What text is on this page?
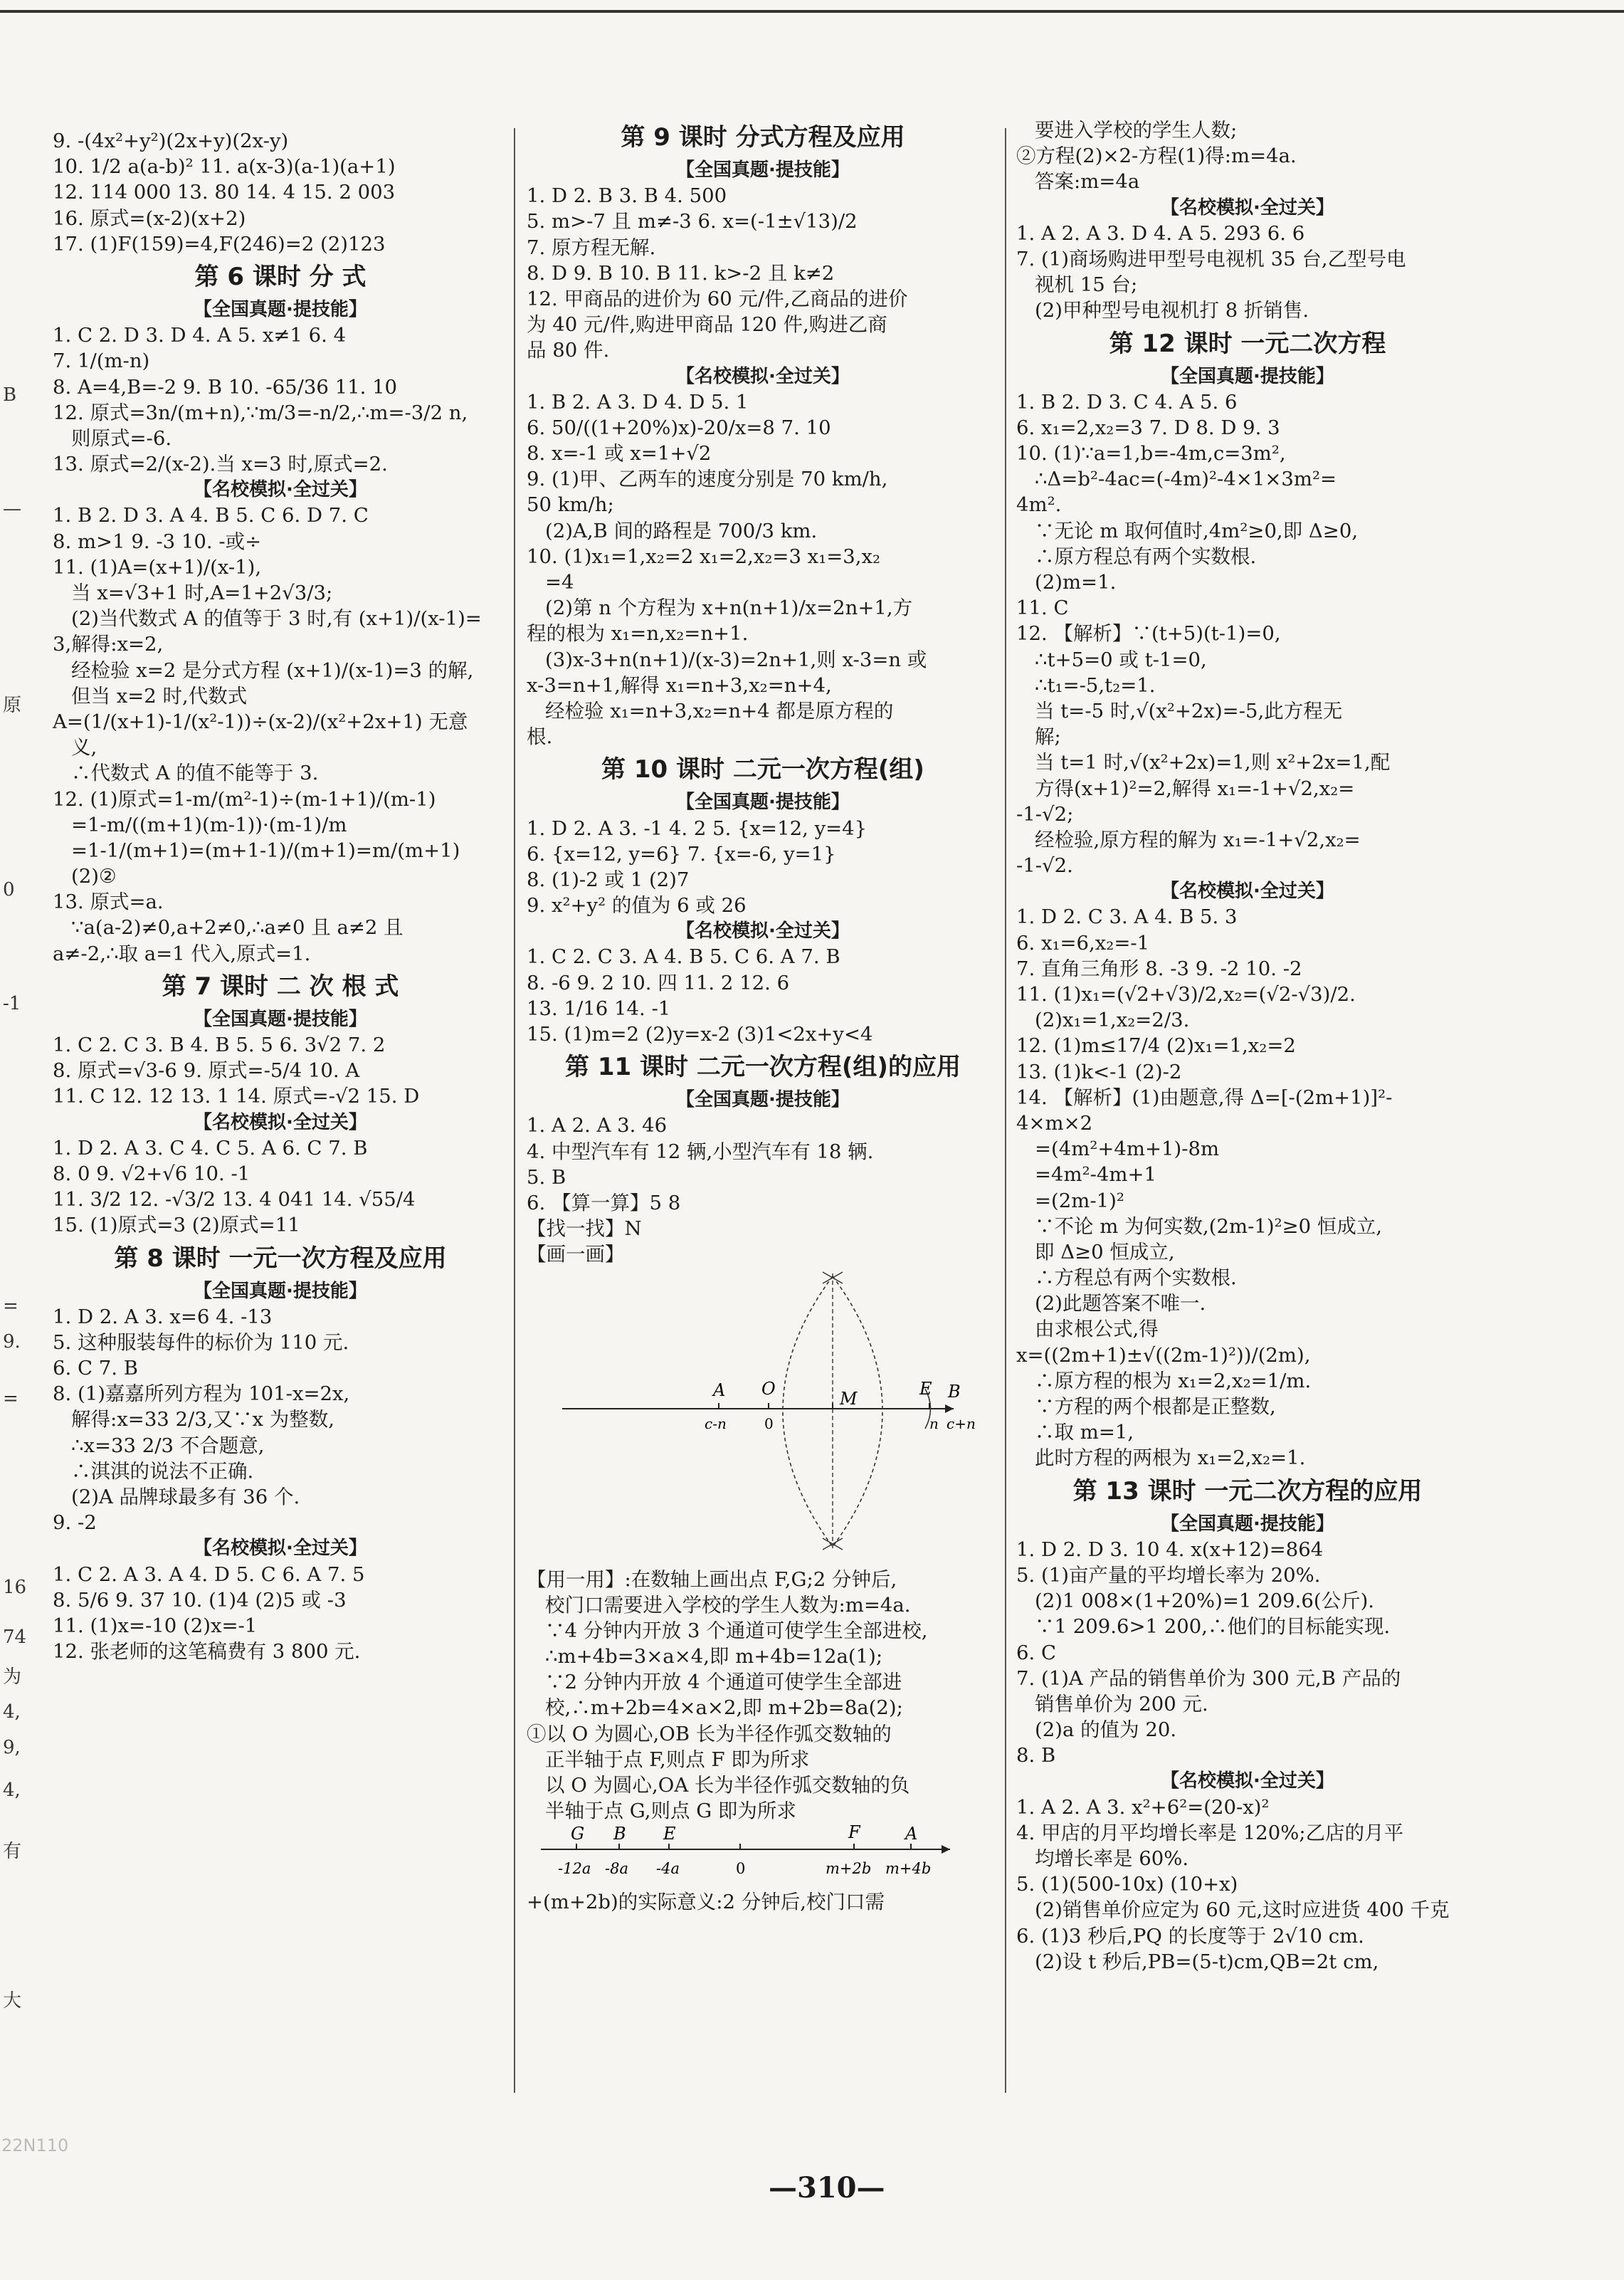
B
—
原
0
-1
=
9.
=
16
74
为
4,
9,
4,
有
大
9. -(4x²+y²)(2x+y)(2x-y)
10. 1/2 a(a-b)² 11. a(x-3)(a-1)(a+1)
12. 114 000 13. 80 14. 4 15. 2 003
16. 原式=(x-2)(x+2)
17. (1)F(159)=4,F(246)=2 (2)123
第 6 课时 分 式
【全国真题·提技能】
1. C 2. D 3. D 4. A 5. x≠1 6. 4
7. 1/(m-n)
8. A=4,B=-2 9. B 10. -65/36 11. 10
12. 原式=3n/(m+n),∵m/3=-n/2,∴m=-3/2 n,
则原式=-6.
13. 原式=2/(x-2).当 x=3 时,原式=2.
【名校模拟·全过关】
1. B 2. D 3. A 4. B 5. C 6. D 7. C
8. m>1 9. -3 10. -或÷
11. (1)A=(x+1)/(x-1),
当 x=√3+1 时,A=1+2√3/3;
(2)当代数式 A 的值等于 3 时,有 (x+1)/(x-1)=
3,解得:x=2,
经检验 x=2 是分式方程 (x+1)/(x-1)=3 的解,
但当 x=2 时,代数式
A=(1/(x+1)-1/(x²-1))÷(x-2)/(x²+2x+1) 无意
义,
∴代数式 A 的值不能等于 3.
12. (1)原式=1-m/(m²-1)÷(m-1+1)/(m-1)
=1-m/((m+1)(m-1))·(m-1)/m
=1-1/(m+1)=(m+1-1)/(m+1)=m/(m+1)
(2)②
13. 原式=a.
∵a(a-2)≠0,a+2≠0,∴a≠0 且 a≠2 且
a≠-2,∴取 a=1 代入,原式=1.
第 7 课时 二 次 根 式
【全国真题·提技能】
1. C 2. C 3. B 4. B 5. 5 6. 3√2 7. 2
8. 原式=√3-6 9. 原式=-5/4 10. A
11. C 12. 12 13. 1 14. 原式=-√2 15. D
【名校模拟·全过关】
1. D 2. A 3. C 4. C 5. A 6. C 7. B
8. 0 9. √2+√6 10. -1
11. 3/2 12. -√3/2 13. 4 041 14. √55/4
15. (1)原式=3 (2)原式=11
第 8 课时 一元一次方程及应用
【全国真题·提技能】
1. D 2. A 3. x=6 4. -13
5. 这种服装每件的标价为 110 元.
6. C 7. B
8. (1)嘉嘉所列方程为 101-x=2x,
解得:x=33 2/3,又∵x 为整数,
∴x=33 2/3 不合题意,
∴淇淇的说法不正确.
(2)A 品牌球最多有 36 个.
9. -2
【名校模拟·全过关】
1. C 2. A 3. A 4. D 5. C 6. A 7. 5
8. 5/6 9. 37 10. (1)4 (2)5 或 -3
11. (1)x=-10 (2)x=-1
12. 张老师的这笔稿费有 3 800 元.
第 9 课时 分式方程及应用
【全国真题·提技能】
1. D 2. B 3. B 4. 500
5. m>-7 且 m≠-3 6. x=(-1±√13)/2
7. 原方程无解.
8. D 9. B 10. B 11. k>-2 且 k≠2
12. 甲商品的进价为 60 元/件,乙商品的进价
为 40 元/件,购进甲商品 120 件,购进乙商
品 80 件.
【名校模拟·全过关】
1. B 2. A 3. D 4. D 5. 1
6. 50/((1+20%)x)-20/x=8 7. 10
8. x=-1 或 x=1+√2
9. (1)甲、乙两车的速度分别是 70 km/h,
50 km/h;
(2)A,B 间的路程是 700/3 km.
10. (1)x₁=1,x₂=2 x₁=2,x₂=3 x₁=3,x₂
=4
(2)第 n 个方程为 x+n(n+1)/x=2n+1,方
程的根为 x₁=n,x₂=n+1.
(3)x-3+n(n+1)/(x-3)=2n+1,则 x-3=n 或
x-3=n+1,解得 x₁=n+3,x₂=n+4,
经检验 x₁=n+3,x₂=n+4 都是原方程的
根.
第 10 课时 二元一次方程(组)
【全国真题·提技能】
1. D 2. A 3. -1 4. 2 5. {x=12, y=4}
6. {x=12, y=6} 7. {x=-6, y=1}
8. (1)-2 或 1 (2)7
9. x²+y² 的值为 6 或 26
【名校模拟·全过关】
1. C 2. C 3. A 4. B 5. C 6. A 7. B
8. -6 9. 2 10. 四 11. 2 12. 6
13. 1/16 14. -1
15. (1)m=2 (2)y=x-2 (3)1<2x+y<4
第 11 课时 二元一次方程(组)的应用
【全国真题·提技能】
1. A 2. A 3. 46
4. 中型汽车有 12 辆,小型汽车有 18 辆.
5. B
6. 【算一算】5 8
【找一找】N
【画一画】
A O	M	E B
c-n	0	n c+n
【用一用】:在数轴上画出点 F,G;2 分钟后,
校门口需要进入学校的学生人数为:m=4a.
∵4 分钟内开放 3 个通道可使学生全部进校,
∴m+4b=3×a×4,即 m+4b=12a(1);
∵2 分钟内开放 4 个通道可使学生全部进
校,∴m+2b=4×a×2,即 m+2b=8a(2);
①以 O 为圆心,OB 长为半径作弧交数轴的
正半轴于点 F,则点 F 即为所求
以 O 为圆心,OA 长为半径作弧交数轴的负
半轴于点 G,则点 G 即为所求
G B E	F	A
-12a -8a -4a	0	m+2b m+4b
+(m+2b)的实际意义:2 分钟后,校门口需
要进入学校的学生人数;
②方程(2)×2-方程(1)得:m=4a.
答案:m=4a
【名校模拟·全过关】
1. A 2. A 3. D 4. A 5. 293 6. 6
7. (1)商场购进甲型号电视机 35 台,乙型号电
视机 15 台;
(2)甲种型号电视机打 8 折销售.
第 12 课时 一元二次方程
【全国真题·提技能】
1. B 2. D 3. C 4. A 5. 6
6. x₁=2,x₂=3 7. D 8. D 9. 3
10. (1)∵a=1,b=-4m,c=3m²,
∴Δ=b²-4ac=(-4m)²-4×1×3m²=
4m².
∵无论 m 取何值时,4m²≥0,即 Δ≥0,
∴原方程总有两个实数根.
(2)m=1.
11. C
12. 【解析】∵(t+5)(t-1)=0,
∴t+5=0 或 t-1=0,
∴t₁=-5,t₂=1.
当 t=-5 时,√(x²+2x)=-5,此方程无
解;
当 t=1 时,√(x²+2x)=1,则 x²+2x=1,配
方得(x+1)²=2,解得 x₁=-1+√2,x₂=
-1-√2;
经检验,原方程的解为 x₁=-1+√2,x₂=
-1-√2.
【名校模拟·全过关】
1. D 2. C 3. A 4. B 5. 3
6. x₁=6,x₂=-1
7. 直角三角形 8. -3 9. -2 10. -2
11. (1)x₁=(√2+√3)/2,x₂=(√2-√3)/2.
(2)x₁=1,x₂=2/3.
12. (1)m≤17/4 (2)x₁=1,x₂=2
13. (1)k<-1 (2)-2
14. 【解析】(1)由题意,得 Δ=[-(2m+1)]²-
4×m×2
=(4m²+4m+1)-8m
=4m²-4m+1
=(2m-1)²
∵不论 m 为何实数,(2m-1)²≥0 恒成立,
即 Δ≥0 恒成立,
∴方程总有两个实数根.
(2)此题答案不唯一.
由求根公式,得
x=((2m+1)±√((2m-1)²))/(2m),
∴原方程的根为 x₁=2,x₂=1/m.
∵方程的两个根都是正整数,
∴取 m=1,
此时方程的两根为 x₁=2,x₂=1.
第 13 课时 一元二次方程的应用
【全国真题·提技能】
1. D 2. D 3. 10 4. x(x+12)=864
5. (1)亩产量的平均增长率为 20%.
(2)1 008×(1+20%)=1 209.6(公斤).
∵1 209.6>1 200,∴他们的目标能实现.
6. C
7. (1)A 产品的销售单价为 300 元,B 产品的
销售单价为 200 元.
(2)a 的值为 20.
8. B
【名校模拟·全过关】
1. A 2. A 3. x²+6²=(20-x)²
4. 甲店的月平均增长率是 120%;乙店的月平
均增长率是 60%.
5. (1)(500-10x) (10+x)
(2)销售单价应定为 60 元,这时应进货 400 千克
6. (1)3 秒后,PQ 的长度等于 2√10 cm.
(2)设 t 秒后,PB=(5-t)cm,QB=2t cm,
—310—
22N110
